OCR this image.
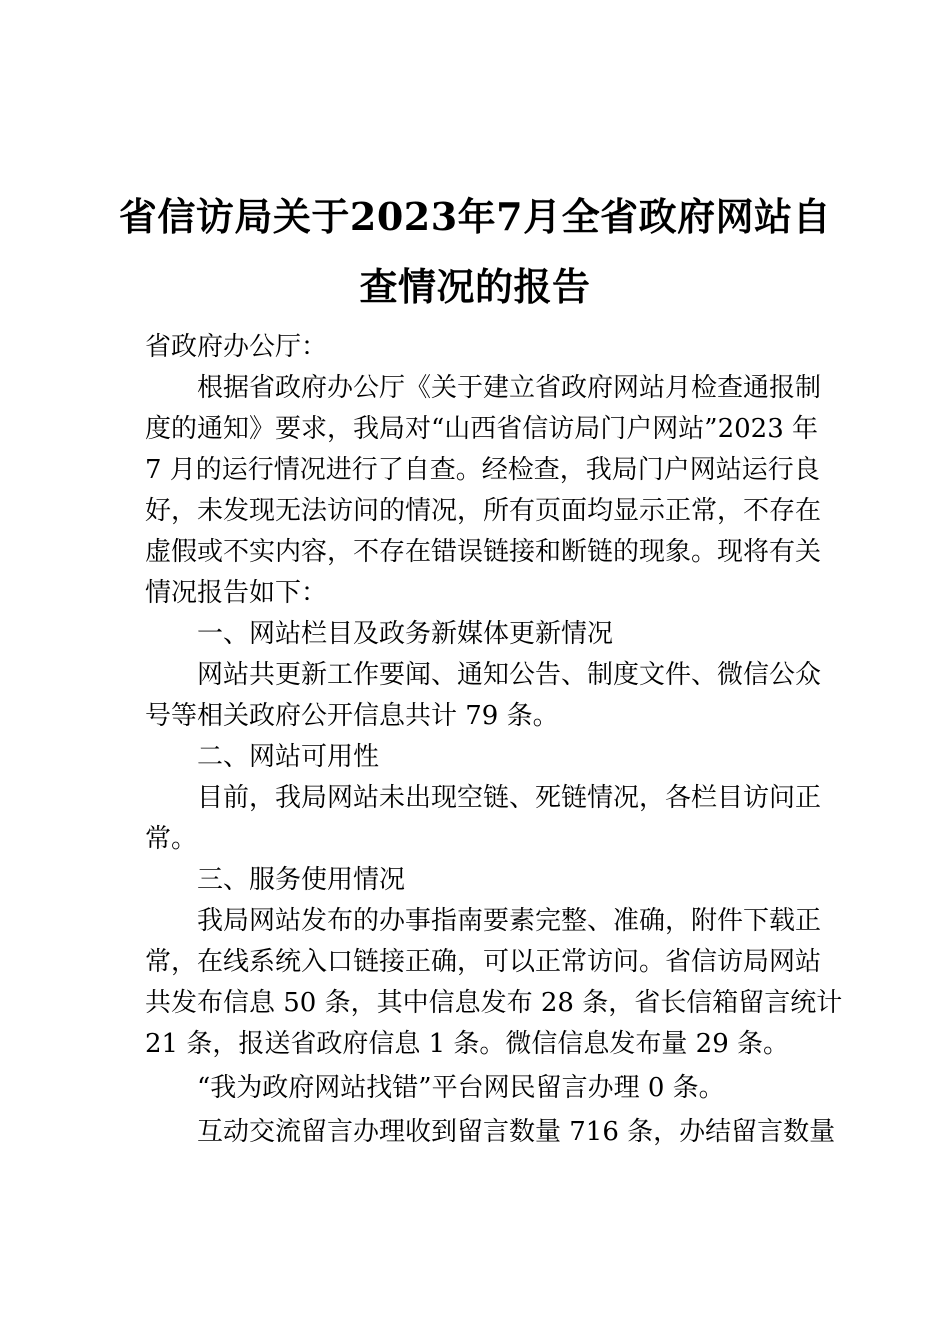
省信访局关于2023年7月全省政府网站自
查情况的报告
省政府办公厅：
根据省政府办公厅《关于建立省政府网站月检查通报制
度的通知》要求，我局对“山西省信访局门户网站”2023 年
7 月的运行情况进行了自查。经检查，我局门户网站运行良
好，未发现无法访问的情况，所有页面均显示正常，不存在
虚假或不实内容，不存在错误链接和断链的现象。现将有关
情况报告如下：
一、网站栏目及政务新媒体更新情况
网站共更新工作要闻、通知公告、制度文件、微信公众
号等相关政府公开信息共计 79 条。
二、网站可用性
目前，我局网站未出现空链、死链情况，各栏目访问正
常。
三、服务使用情况
我局网站发布的办事指南要素完整、准确，附件下载正
常，在线系统入口链接正确，可以正常访问。省信访局网站
共发布信息 50 条，其中信息发布 28 条，省长信箱留言统计
21 条，报送省政府信息 1 条。微信信息发布量 29 条。
“我为政府网站找错”平台网民留言办理 0 条。
互动交流留言办理收到留言数量 716 条，办结留言数量
